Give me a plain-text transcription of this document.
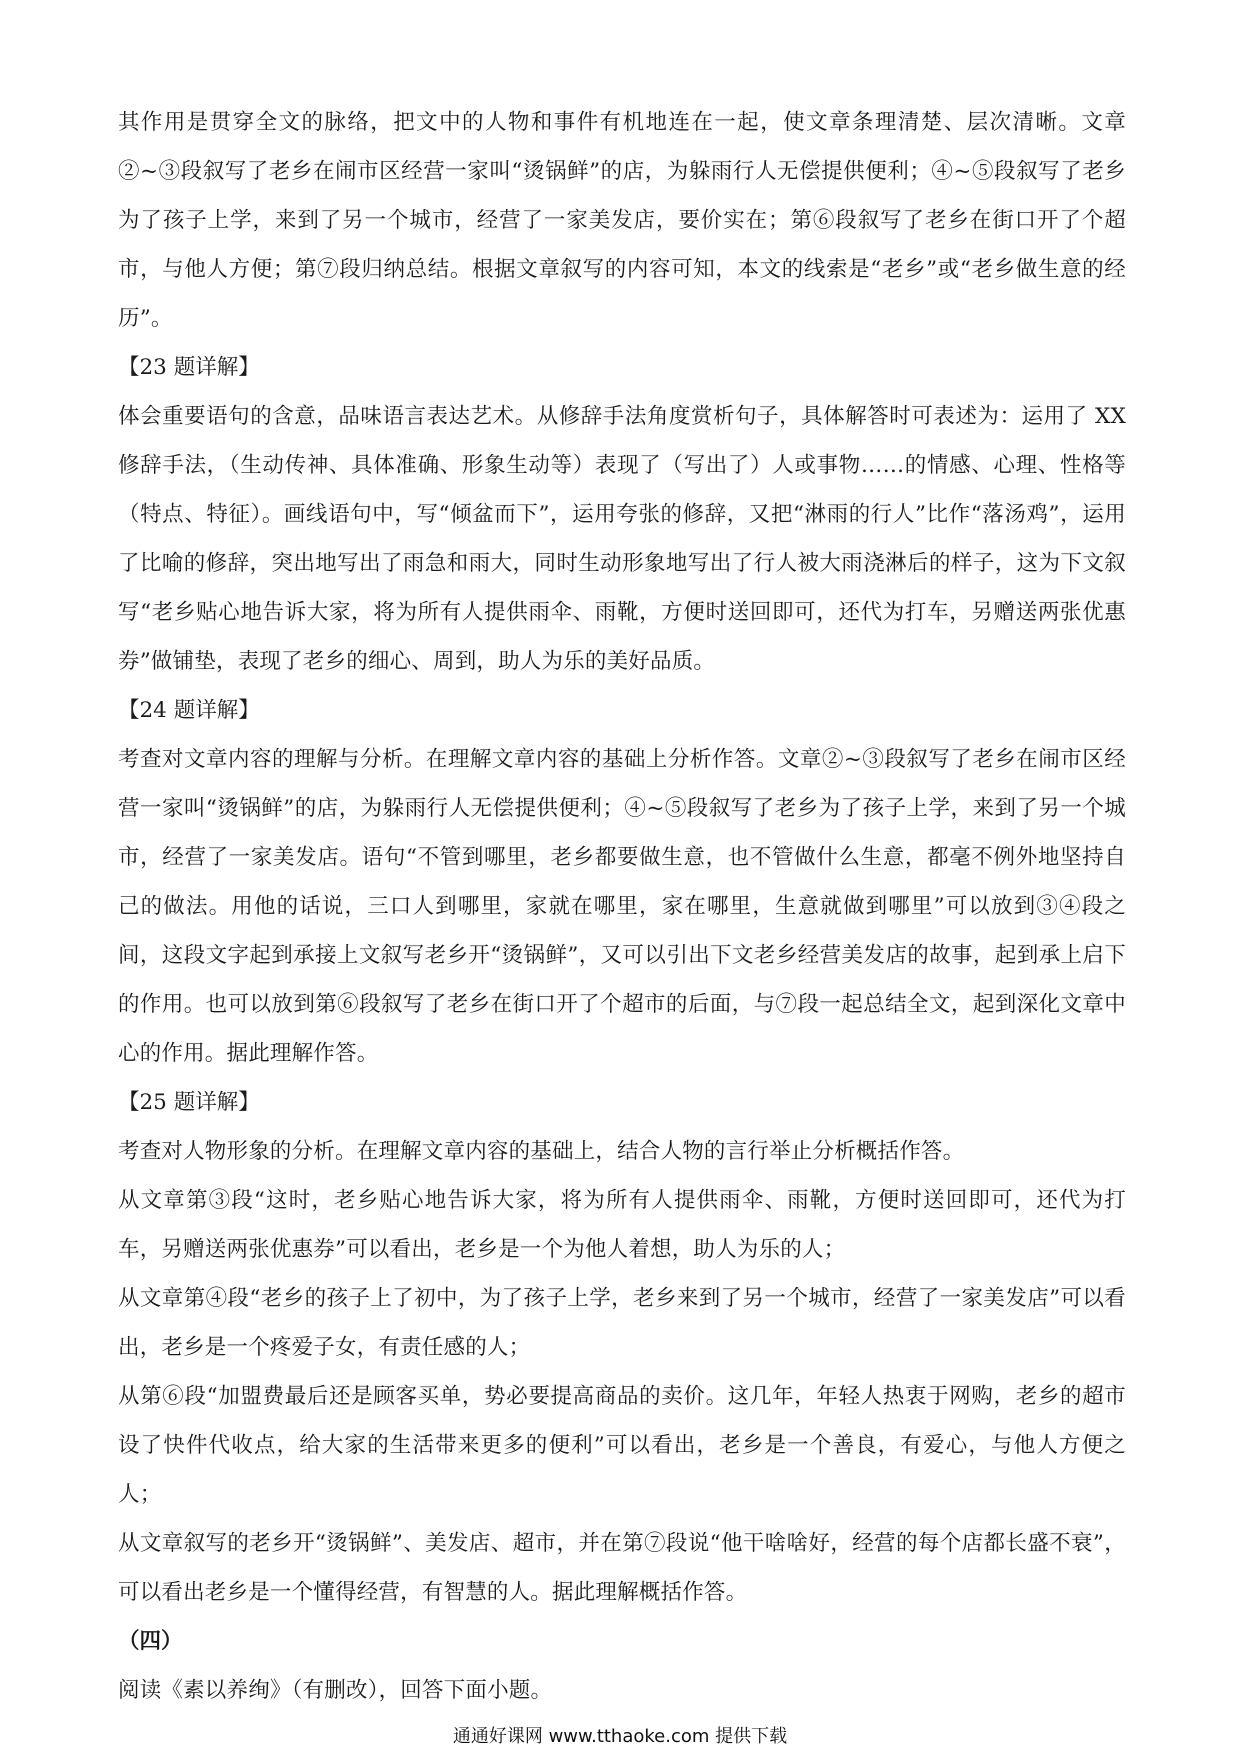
其作用是贯穿全文的脉络，把文中的人物和事件有机地连在一起，使文章条理清楚、层次清晰。文章②~③段叙写了老乡在闹市区经营一家叫“烫锅鲜”的店，为躲雨行人无偿提供便利；④~⑤段叙写了老乡为了孩子上学，来到了另一个城市，经营了一家美发店，要价实在；第⑥段叙写了老乡在街口开了个超市，与他人方便；第⑦段归纳总结。根据文章叙写的内容可知，本文的线索是“老乡”或“老乡做生意的经历”。

【23 题详解】

体会重要语句的含意，品味语言表达艺术。从修辞手法角度赏析句子，具体解答时可表述为：运用了 XX 修辞手法，（生动传神、具体准确、形象生动等）表现了（写出了）人或事物……的情感、心理、性格等（特点、特征）。画线语句中，写“倾盆而下”，运用夸张的修辞，又把“淋雨的行人”比作“落汤鸡”，运用了比喻的修辞，突出地写出了雨急和雨大，同时生动形象地写出了行人被大雨浇淋后的样子，这为下文叙写“老乡贴心地告诉大家，将为所有人提供雨伞、雨靴，方便时送回即可，还代为打车，另赠送两张优惠券”做铺垫，表现了老乡的细心、周到，助人为乐的美好品质。

【24 题详解】

考查对文章内容的理解与分析。在理解文章内容的基础上分析作答。文章②~③段叙写了老乡在闹市区经营一家叫“烫锅鲜”的店，为躲雨行人无偿提供便利；④~⑤段叙写了老乡为了孩子上学，来到了另一个城市，经营了一家美发店。语句“不管到哪里，老乡都要做生意，也不管做什么生意，都毫不例外地坚持自己的做法。用他的话说，三口人到哪里，家就在哪里，家在哪里，生意就做到哪里”可以放到③④段之间，这段文字起到承接上文叙写老乡开“烫锅鲜”，又可以引出下文老乡经营美发店的故事，起到承上启下的作用。也可以放到第⑥段叙写了老乡在街口开了个超市的后面，与⑦段一起总结全文，起到深化文章中心的作用。据此理解作答。

【25 题详解】

考查对人物形象的分析。在理解文章内容的基础上，结合人物的言行举止分析概括作答。

从文章第③段“这时，老乡贴心地告诉大家，将为所有人提供雨伞、雨靴，方便时送回即可，还代为打车，另赠送两张优惠券”可以看出，老乡是一个为他人着想，助人为乐的人；

从文章第④段“老乡的孩子上了初中，为了孩子上学，老乡来到了另一个城市，经营了一家美发店”可以看出，老乡是一个疼爱子女，有责任感的人；

从第⑥段“加盟费最后还是顾客买单，势必要提高商品的卖价。这几年，年轻人热衷于网购，老乡的超市设了快件代收点，给大家的生活带来更多的便利”可以看出，老乡是一个善良，有爱心，与他人方便之人；

从文章叙写的老乡开“烫锅鲜”、美发店、超市，并在第⑦段说“他干啥啥好，经营的每个店都长盛不衰”，可以看出老乡是一个懂得经营，有智慧的人。据此理解概括作答。

（四）

阅读《素以养绚》（有删改），回答下面小题。

通通好课网 www.tthaoke.com 提供下载
